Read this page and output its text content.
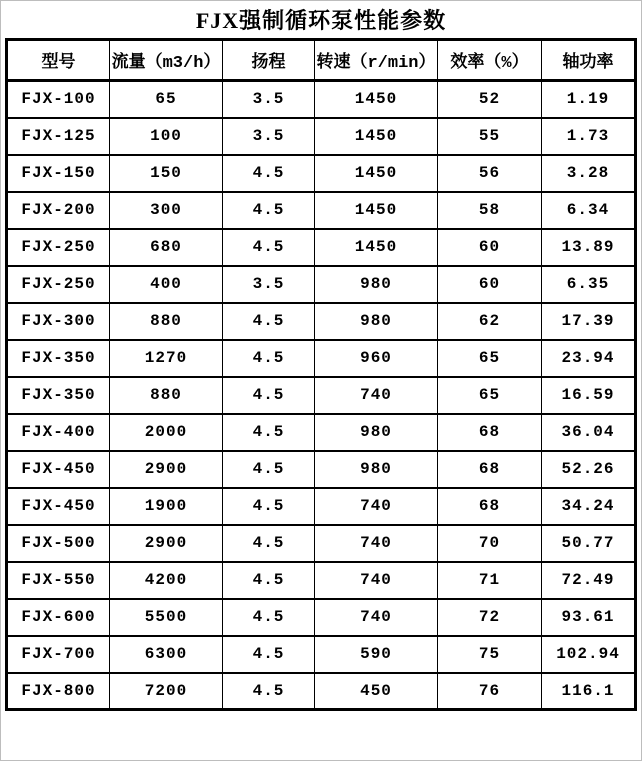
FJX强制循环泵性能参数
型号	流量（m3/h）	扬程	转速（r/min）	效率（%）	轴功率
FJX-100	65	3.5	1450	52	1.19
FJX-125	100	3.5	1450	55	1.73
FJX-150	150	4.5	1450	56	3.28
FJX-200	300	4.5	1450	58	6.34
FJX-250	680	4.5	1450	60	13.89
FJX-250	400	3.5	980	60	6.35
FJX-300	880	4.5	980	62	17.39
FJX-350	1270	4.5	960	65	23.94
FJX-350	880	4.5	740	65	16.59
FJX-400	2000	4.5	980	68	36.04
FJX-450	2900	4.5	980	68	52.26
FJX-450	1900	4.5	740	68	34.24
FJX-500	2900	4.5	740	70	50.77
FJX-550	4200	4.5	740	71	72.49
FJX-600	5500	4.5	740	72	93.61
FJX-700	6300	4.5	590	75	102.94
FJX-800	7200	4.5	450	76	116.1
